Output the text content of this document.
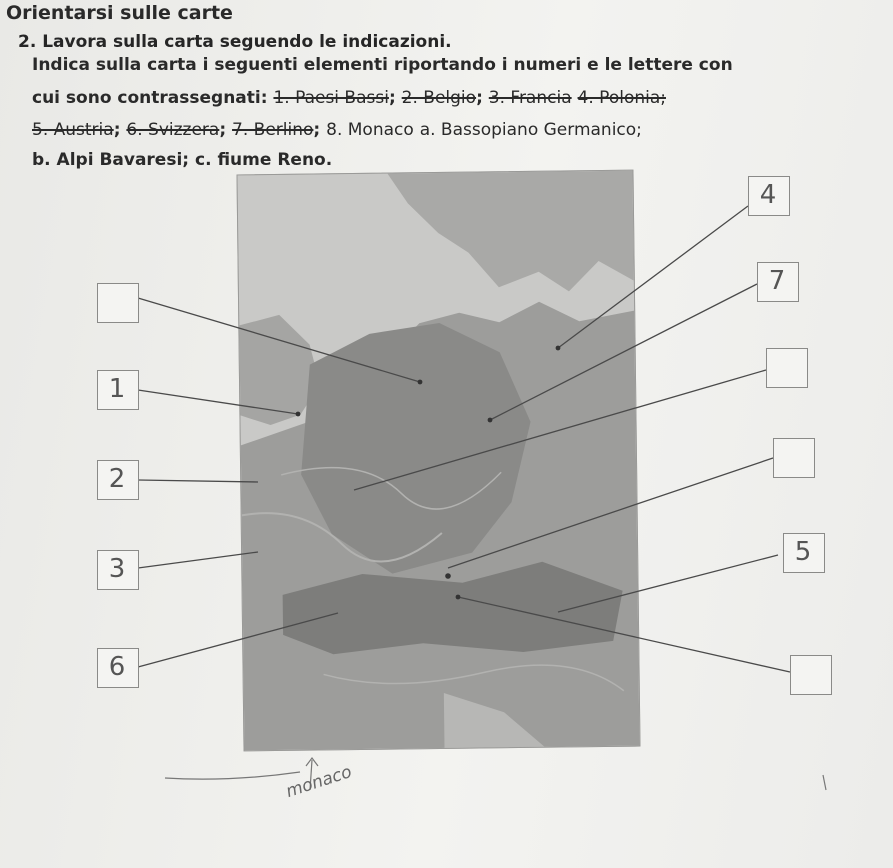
Orientarsi sulle carte
2. Lavora sulla carta seguendo le indicazioni.
Indica sulla carta i seguenti elementi riportando i numeri e le lettere con
cui sono contrassegnati: 1. Paesi Bassi; 2. Belgio; 3. Francia 4. Polonia;
5. Austria; 6. Svizzera; 7. Berlino; 8. Monaco a. Bassopiano Germanico;
b. Alpi Bavaresi; c. fiume Reno.
1
2
3
6
4
7
5
monaco
